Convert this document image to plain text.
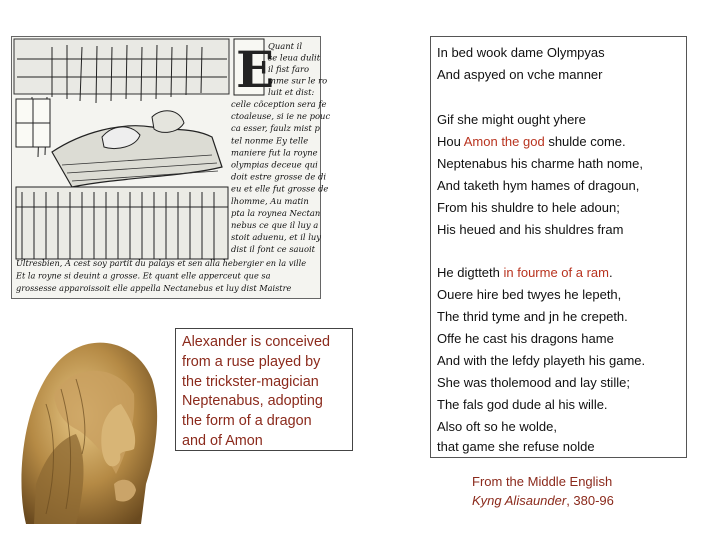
E
Quant il
se leua dulit
il fist faro
mme sur le ro
luit et dist:
celle cõception sera fe
ctoaleuse, si ie ne pouc
ca esser, faulz mist p
tel nonme Ey telle
maniere fut la royne
olympias deceue qui
doit estre grosse de di
eu et elle fut grosse de
lhomme, Au matin
pta la roynea Nectan
nebus ce que il luy a
stoit aduenu, et il luy
dist il font ce sauoit
Ultresbien, A cest soy partit du palays et sen alla hebergier en la ville
Et la royne si deuint a grosse. Et quant elle apperceut que sa
grossesse apparoissoit elle appella Nectanebus et luy dist Maistre

Alexander is conceived

from a ruse played by

the trickster-magician

Neptenabus, adopting

the form of a dragon

and of Amon

In bed wook dame Olympyas
And aspyed on vche manner
Gif she might ought yhere
Hou Amon the god shulde come.
Neptenabus his charme hath nome,
And taketh hym hames of dragoun,
From his shuldre to hele adoun;
His heued and his shuldres fram
He digtteth in fourme of a ram.
Ouere hire bed twyes he lepeth,
The thrid tyme and jn he crepeth.
Offe he cast his dragons hame
And with the lefdy playeth his game.
She was tholemood and lay stille;
The fals god dude al his wille.
Also oft so he wolde,
that game she refuse nolde
From the Middle English
Kyng Alisaunder, 380-96
